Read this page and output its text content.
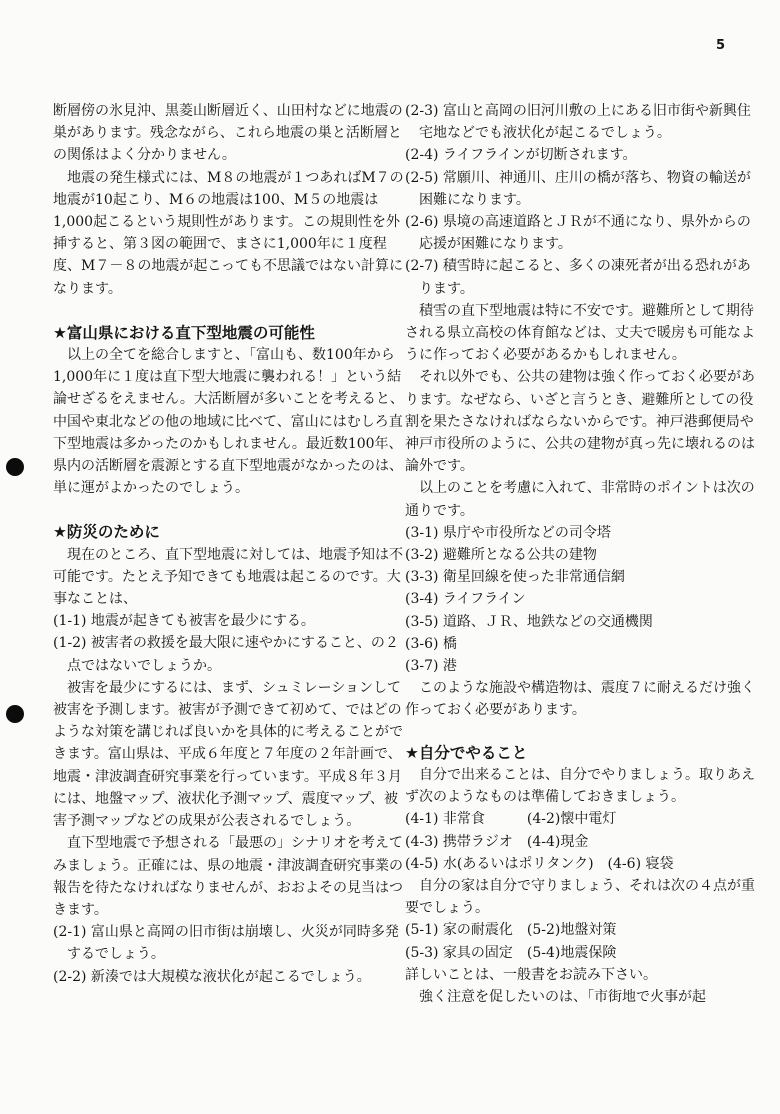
5

断層傍の氷見沖、黒菱山断層近く、山田村などに地震の巣があります。残念ながら、これら地震の巣と活断層との関係はよく分かりません。

地震の発生様式には、M８の地震が１つあればM７の地震が10起こり、M６の地震は100、M５の地震は1,000起こるという規則性があります。この規則性を外挿すると、第３図の範囲で、まさに1,000年に１度程度、M７－８の地震が起こっても不思議ではない計算になります。

★富山県における直下型地震の可能性

以上の全てを総合しますと、「富山も、数100年から1,000年に１度は直下型大地震に襲われる！」という結論せざるをえません。大活断層が多いことを考えると、中国や東北などの他の地域に比べて、富山にはむしろ直下型地震は多かったのかもしれません。最近数100年、県内の活断層を震源とする直下型地震がなかったのは、単に運がよかったのでしょう。

★防災のために

現在のところ、直下型地震に対しては、地震予知は不可能です。たとえ予知できても地震は起こるのです。大事なことは、

(1-1) 地震が起きても被害を最少にする。

(1-2) 被害者の救援を最大限に速やかにすること、の２点ではないでしょうか。

被害を最少にするには、まず、シュミレーションして被害を予測します。被害が予測できて初めて、ではどのような対策を講じれば良いかを具体的に考えることができます。富山県は、平成６年度と７年度の２年計画で、地震・津波調査研究事業を行っています。平成８年３月には、地盤マップ、液状化予測マップ、震度マップ、被害予測マップなどの成果が公表されるでしょう。

直下型地震で予想される「最悪の」シナリオを考えてみましょう。正確には、県の地震・津波調査研究事業の報告を待たなければなりませんが、おおよその見当はつきます。

(2-1) 富山県と高岡の旧市街は崩壊し、火災が同時多発するでしょう。

(2-2) 新湊では大規模な液状化が起こるでしょう。

(2-3) 富山と高岡の旧河川敷の上にある旧市街や新興住宅地などでも液状化が起こるでしょう。

(2-4) ライフラインが切断されます。

(2-5) 常願川、神通川、庄川の橋が落ち、物資の輸送が困難になります。

(2-6) 県境の高速道路とＪＲが不通になり、県外からの応援が困難になります。

(2-7) 積雪時に起こると、多くの凍死者が出る恐れがあります。

積雪の直下型地震は特に不安です。避難所として期待される県立高校の体育館などは、丈夫で暖房も可能なように作っておく必要があるかもしれません。

それ以外でも、公共の建物は強く作っておく必要があります。なぜなら、いざと言うとき、避難所としての役割を果たさなければならないからです。神戸港郵便局や神戸市役所のように、公共の建物が真っ先に壊れるのは論外です。

以上のことを考慮に入れて、非常時のポイントは次の通りです。

(3-1) 県庁や市役所などの司令塔

(3-2) 避難所となる公共の建物

(3-3) 衛星回線を使った非常通信網

(3-4) ライフライン

(3-5) 道路、ＪＲ、地鉄などの交通機関

(3-6) 橋

(3-7) 港

このような施設や構造物は、震度７に耐えるだけ強く作っておく必要があります。

★自分でやること

自分で出来ることは、自分でやりましょう。取りあえず次のようなものは準備しておきましょう。

(4-1) 非常食　　　(4-2)懐中電灯

(4-3) 携帯ラジオ　(4-4)現金

(4-5) 水(あるいはポリタンク)　(4-6) 寝袋

自分の家は自分で守りましょう、それは次の４点が重要でしょう。

(5-1) 家の耐震化　(5-2)地盤対策

(5-3) 家具の固定　(5-4)地震保険

詳しいことは、一般書をお読み下さい。

強く注意を促したいのは、「市街地で火事が起
